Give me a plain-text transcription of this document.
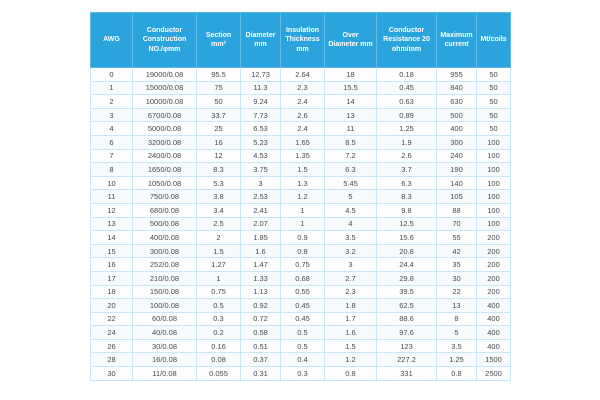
AWG	Conductor Construction NO./φmm	Section mm²	Diameter mm	Insulation Thickness mm	Over Diameter mm	Conductor Resistance 20 ohm/mm	Maximum current	Mt/coils
0	19000/0.08	95.5	12.73	2.64	18	0.18	955	50
1	15000/0.08	75	11.3	2.3	15.5	0.45	840	50
2	10000/0.08	50	9.24	2.4	14	0.63	630	50
3	6700/0.08	33.7	7.73	2.6	13	0.89	500	50
4	5000/0.08	25	6.53	2.4	11	1.25	400	50
6	3200/0.08	16	5.23	1.65	8.5	1.9	300	100
7	2400/0.08	12	4.53	1.35	7.2	2.6	240	100
8	1650/0.08	8.3	3.75	1.5	6.3	3.7	190	100
10	1050/0.08	5.3	3	1.3	5.45	6.3	140	100
11	750/0.08	3.8	2.53	1.2	5	8.3	105	100
12	680/0.08	3.4	2.41	1	4.5	9.8	88	100
13	500/0.08	2.5	2.07	1	4	12.5	70	100
14	400/0.08	2	1.85	0.9	3.5	15.6	55	200
15	300/0.08	1.5	1.6	0.8	3.2	20.8	42	200
16	252/0.08	1.27	1.47	0.75	3	24.4	35	200
17	210/0.08	1	1.33	0.68	2.7	29.8	30	200
18	150/0.08	0.75	1.13	0.55	2.3	39.5	22	200
20	100/0.08	0.5	0.92	0.45	1.8	62.5	13	400
22	60/0.08	0.3	0.72	0.45	1.7	88.6	8	400
24	40/0.08	0.2	0.58	0.5	1.6	97.6	5	400
26	30/0.08	0.16	0.51	0.5	1.5	123	3.5	400
28	16/0.08	0.08	0.37	0.4	1.2	227.2	1.25	1500
30	11/0.08	0.055	0.31	0.3	0.8	331	0.8	2500
